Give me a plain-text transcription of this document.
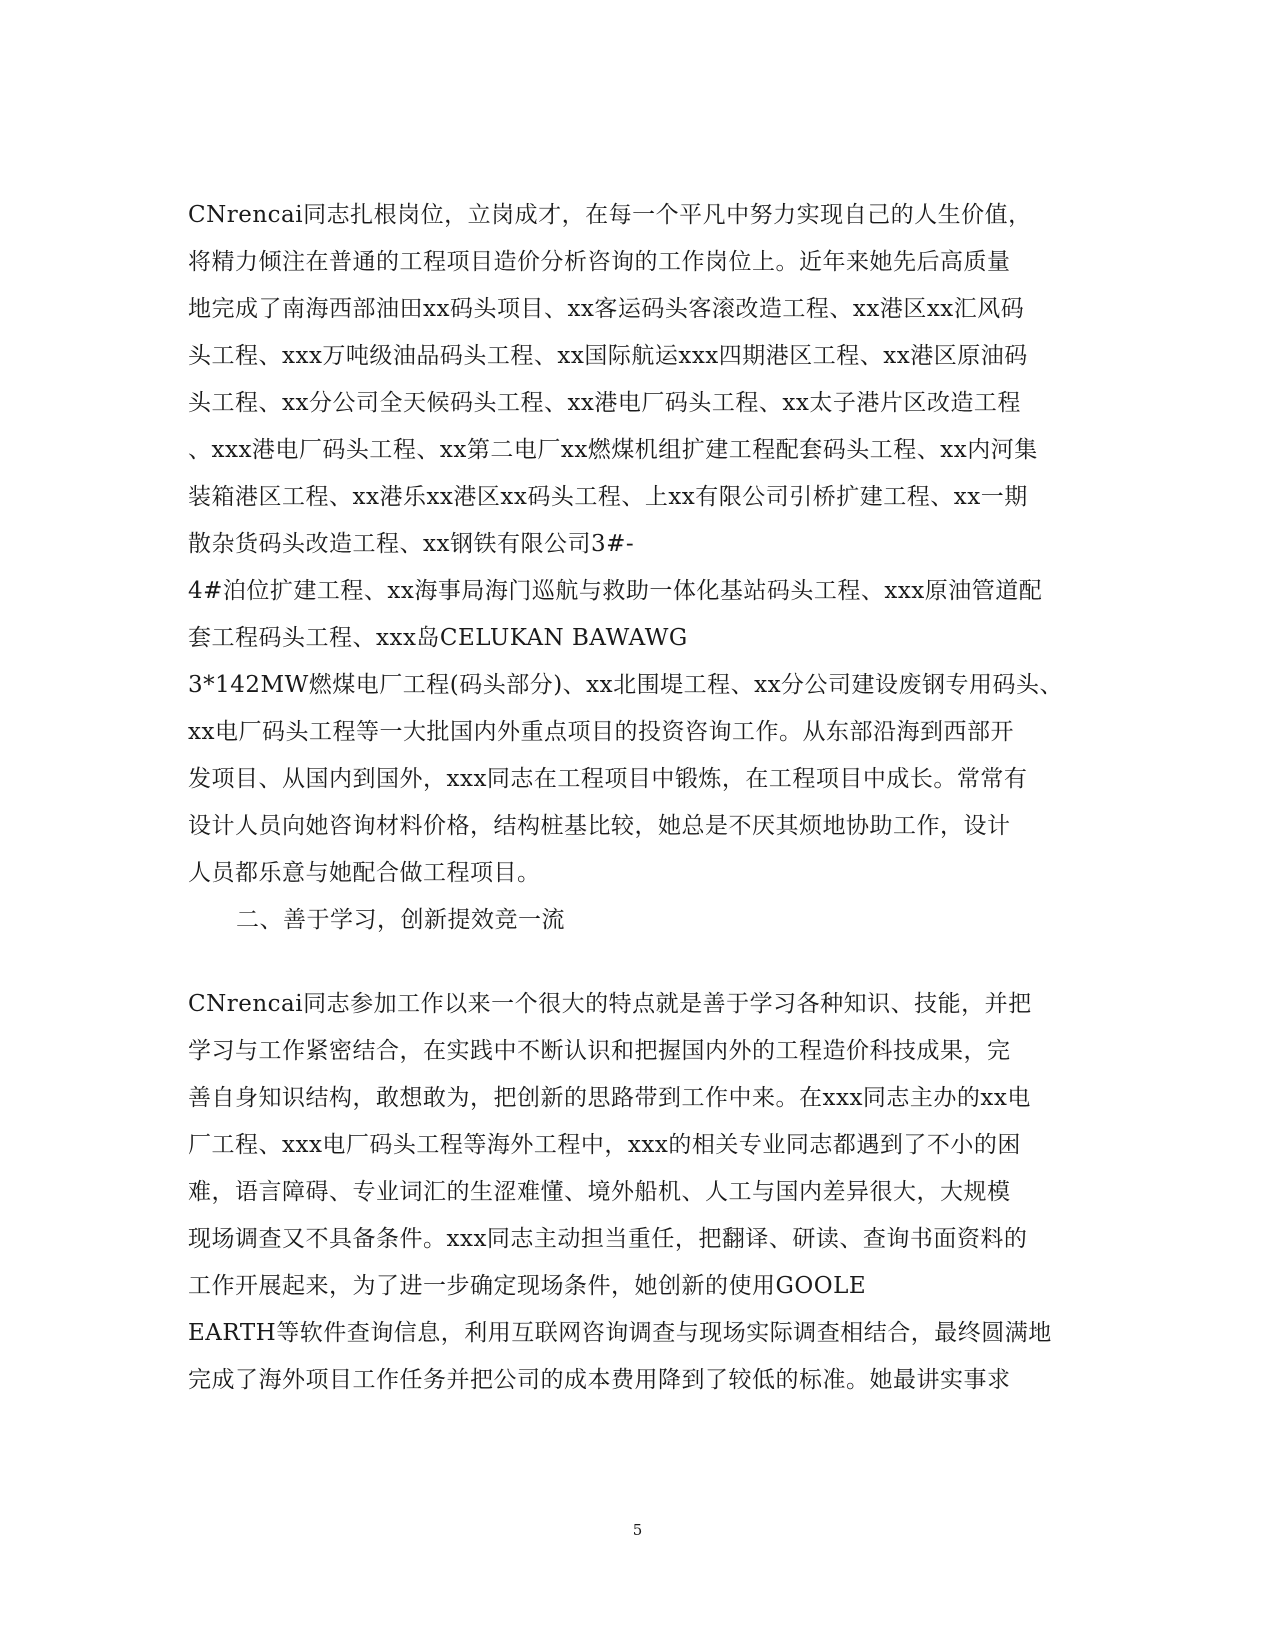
CNrencai同志扎根岗位，立岗成才，在每一个平凡中努力实现自己的人生价值，
将精力倾注在普通的工程项目造价分析咨询的工作岗位上。近年来她先后高质量
地完成了南海西部油田xx码头项目、xx客运码头客滚改造工程、xx港区xx汇风码
头工程、xxx万吨级油品码头工程、xx国际航运xxx四期港区工程、xx港区原油码
头工程、xx分公司全天候码头工程、xx港电厂码头工程、xx太子港片区改造工程
、xxx港电厂码头工程、xx第二电厂xx燃煤机组扩建工程配套码头工程、xx内河集
装箱港区工程、xx港乐xx港区xx码头工程、上xx有限公司引桥扩建工程、xx一期
散杂货码头改造工程、xx钢铁有限公司3#-
4#泊位扩建工程、xx海事局海门巡航与救助一体化基站码头工程、xxx原油管道配
套工程码头工程、xxx岛CELUKAN BAWAWG
3*142MW燃煤电厂工程(码头部分)、xx北围堤工程、xx分公司建设废钢专用码头、
xx电厂码头工程等一大批国内外重点项目的投资咨询工作。从东部沿海到西部开
发项目、从国内到国外，xxx同志在工程项目中锻炼，在工程项目中成长。常常有
设计人员向她咨询材料价格，结构桩基比较，她总是不厌其烦地协助工作，设计
人员都乐意与她配合做工程项目。
二、善于学习，创新提效竞一流
CNrencai同志参加工作以来一个很大的特点就是善于学习各种知识、技能，并把
学习与工作紧密结合，在实践中不断认识和把握国内外的工程造价科技成果，完
善自身知识结构，敢想敢为，把创新的思路带到工作中来。在xxx同志主办的xx电
厂工程、xxx电厂码头工程等海外工程中，xxx的相关专业同志都遇到了不小的困
难，语言障碍、专业词汇的生涩难懂、境外船机、人工与国内差异很大，大规模
现场调查又不具备条件。xxx同志主动担当重任，把翻译、研读、查询书面资料的
工作开展起来，为了进一步确定现场条件，她创新的使用GOOLE
EARTH等软件查询信息，利用互联网咨询调查与现场实际调查相结合，最终圆满地
完成了海外项目工作任务并把公司的成本费用降到了较低的标准。她最讲实事求
5
